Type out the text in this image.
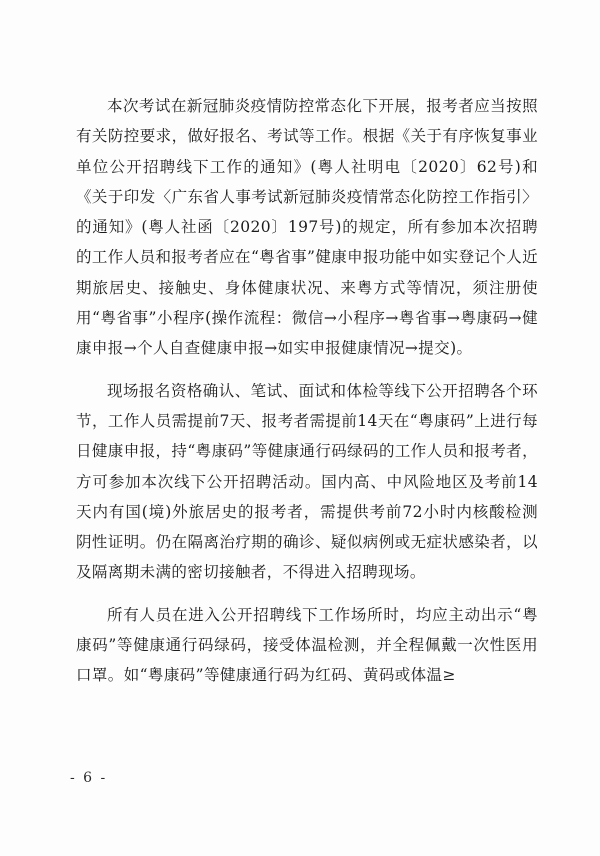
本次考试在新冠肺炎疫情防控常态化下开展，报考者应当按照有关防控要求，做好报名、考试等工作。根据《关于有序恢复事业单位公开招聘线下工作的通知》(粤人社明电〔2020〕62号)和《关于印发〈广东省人事考试新冠肺炎疫情常态化防控工作指引〉的通知》(粤人社函〔2020〕197号)的规定，所有参加本次招聘的工作人员和报考者应在“粤省事”健康申报功能中如实登记个人近期旅居史、接触史、身体健康状况、来粤方式等情况，须注册使用“粤省事”小程序(操作流程：微信→小程序→粤省事→粤康码→健康申报→个人自查健康申报→如实申报健康情况→提交)。

现场报名资格确认、笔试、面试和体检等线下公开招聘各个环节，工作人员需提前7天、报考者需提前14天在“粤康码”上进行每日健康申报，持“粤康码”等健康通行码绿码的工作人员和报考者，方可参加本次线下公开招聘活动。国内高、中风险地区及考前14天内有国(境)外旅居史的报考者，需提供考前72小时内核酸检测阴性证明。仍在隔离治疗期的确诊、疑似病例或无症状感染者，以及隔离期未满的密切接触者，不得进入招聘现场。

所有人员在进入公开招聘线下工作场所时，均应主动出示“粤康码”等健康通行码绿码，接受体温检测，并全程佩戴一次性医用口罩。如“粤康码”等健康通行码为红码、黄码或体温≥

- 6 -
